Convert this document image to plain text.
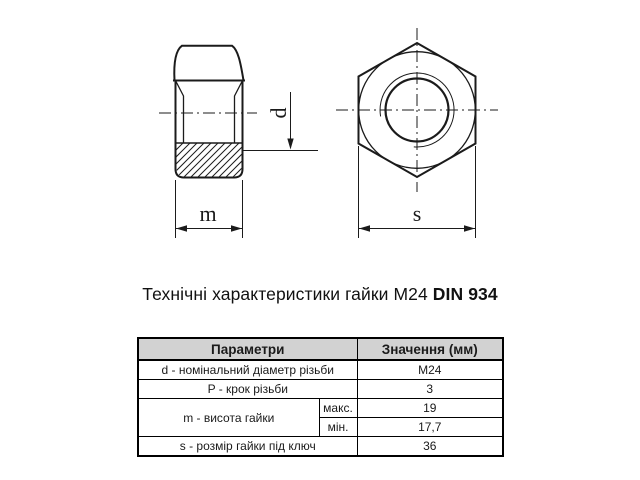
d
m	s
Технічні характеристики гайки М24 DIN 934
Параметри		Значення (мм)
d - номінальний діаметр різьби		M24
P - крок різьби		3
m - висота гайки	макс.	19
	мін.	17,7
s - розмір гайки під ключ		36
